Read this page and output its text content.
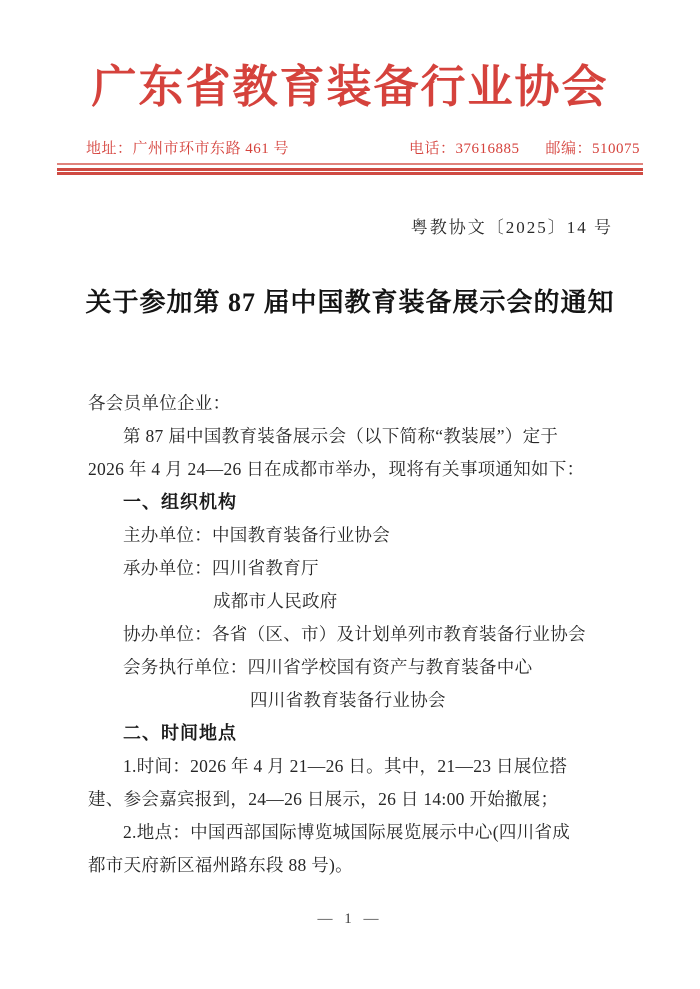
广东省教育装备行业协会
地址：广州市环市东路 461 号	电话：37616885 邮编：510075
粤教协文〔2025〕14 号
关于参加第 87 届中国教育装备展示会的通知
各会员单位企业：
第 87 届中国教育装备展示会（以下简称“教装展”）定于
2026 年 4 月 24—26 日在成都市举办，现将有关事项通知如下：
一、组织机构
主办单位：中国教育装备行业协会
承办单位：四川省教育厅
成都市人民政府
协办单位：各省（区、市）及计划单列市教育装备行业协会
会务执行单位：四川省学校国有资产与教育装备中心
四川省教育装备行业协会
二、时间地点
1.时间：2026 年 4 月 21—26 日。其中，21—23 日展位搭
建、参会嘉宾报到，24—26 日展示，26 日 14:00 开始撤展；
2.地点：中国西部国际博览城国际展览展示中心(四川省成
都市天府新区福州路东段 88 号)。
— 1 —
